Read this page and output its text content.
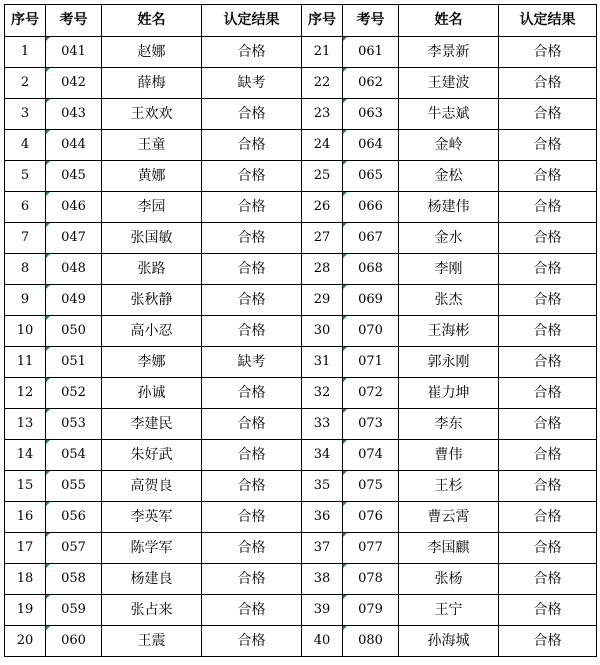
序号	考号	姓名	认定结果	序号	考号	姓名	认定结果
1	041	赵娜	合格	21	061	李景新	合格
2	042	薛梅	缺考	22	062	王建波	合格
3	043	王欢欢	合格	23	063	牛志斌	合格
4	044	王童	合格	24	064	金岭	合格
5	045	黄娜	合格	25	065	金松	合格
6	046	李园	合格	26	066	杨建伟	合格
7	047	张国敏	合格	27	067	金水	合格
8	048	张路	合格	28	068	李刚	合格
9	049	张秋静	合格	29	069	张杰	合格
10	050	高小忍	合格	30	070	王海彬	合格
11	051	李娜	缺考	31	071	郭永刚	合格
12	052	孙诚	合格	32	072	崔力坤	合格
13	053	李建民	合格	33	073	李东	合格
14	054	朱好武	合格	34	074	曹伟	合格
15	055	高贺良	合格	35	075	王杉	合格
16	056	李英军	合格	36	076	曹云霄	合格
17	057	陈学军	合格	37	077	李国麒	合格
18	058	杨建良	合格	38	078	张杨	合格
19	059	张占来	合格	39	079	王宁	合格
20	060	王震	合格	40	080	孙海城	合格
